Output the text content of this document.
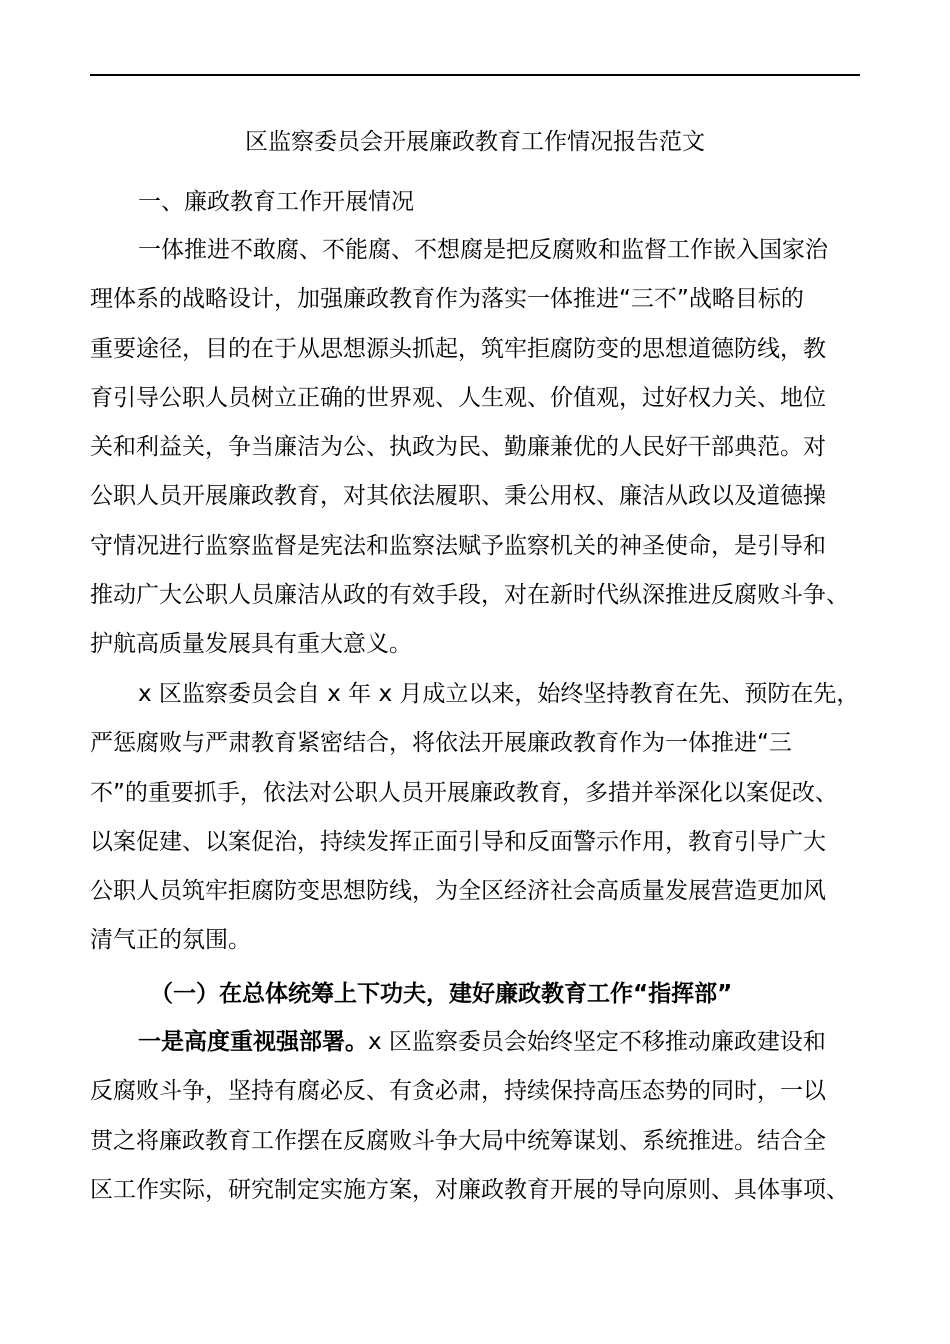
区监察委员会开展廉政教育工作情况报告范文
一、廉政教育工作开展情况
一体推进不敢腐、不能腐、不想腐是把反腐败和监督工作嵌入国家治
理体系的战略设计，加强廉政教育作为落实一体推进“三不”战略目标的
重要途径，目的在于从思想源头抓起，筑牢拒腐防变的思想道德防线，教
育引导公职人员树立正确的世界观、人生观、价值观，过好权力关、地位
关和利益关，争当廉洁为公、执政为民、勤廉兼优的人民好干部典范。对
公职人员开展廉政教育，对其依法履职、秉公用权、廉洁从政以及道德操
守情况进行监察监督是宪法和监察法赋予监察机关的神圣使命，是引导和
推动广大公职人员廉洁从政的有效手段，对在新时代纵深推进反腐败斗争、
护航高质量发展具有重大意义。
x 区监察委员会自 x 年 x 月成立以来，始终坚持教育在先、预防在先，
严惩腐败与严肃教育紧密结合，将依法开展廉政教育作为一体推进“三
不”的重要抓手，依法对公职人员开展廉政教育，多措并举深化以案促改、
以案促建、以案促治，持续发挥正面引导和反面警示作用，教育引导广大
公职人员筑牢拒腐防变思想防线，为全区经济社会高质量发展营造更加风
清气正的氛围。
（一）在总体统筹上下功夫，建好廉政教育工作“指挥部”
一是高度重视强部署。x 区监察委员会始终坚定不移推动廉政建设和
反腐败斗争，坚持有腐必反、有贪必肃，持续保持高压态势的同时，一以
贯之将廉政教育工作摆在反腐败斗争大局中统筹谋划、系统推进。结合全
区工作实际，研究制定实施方案，对廉政教育开展的导向原则、具体事项、
